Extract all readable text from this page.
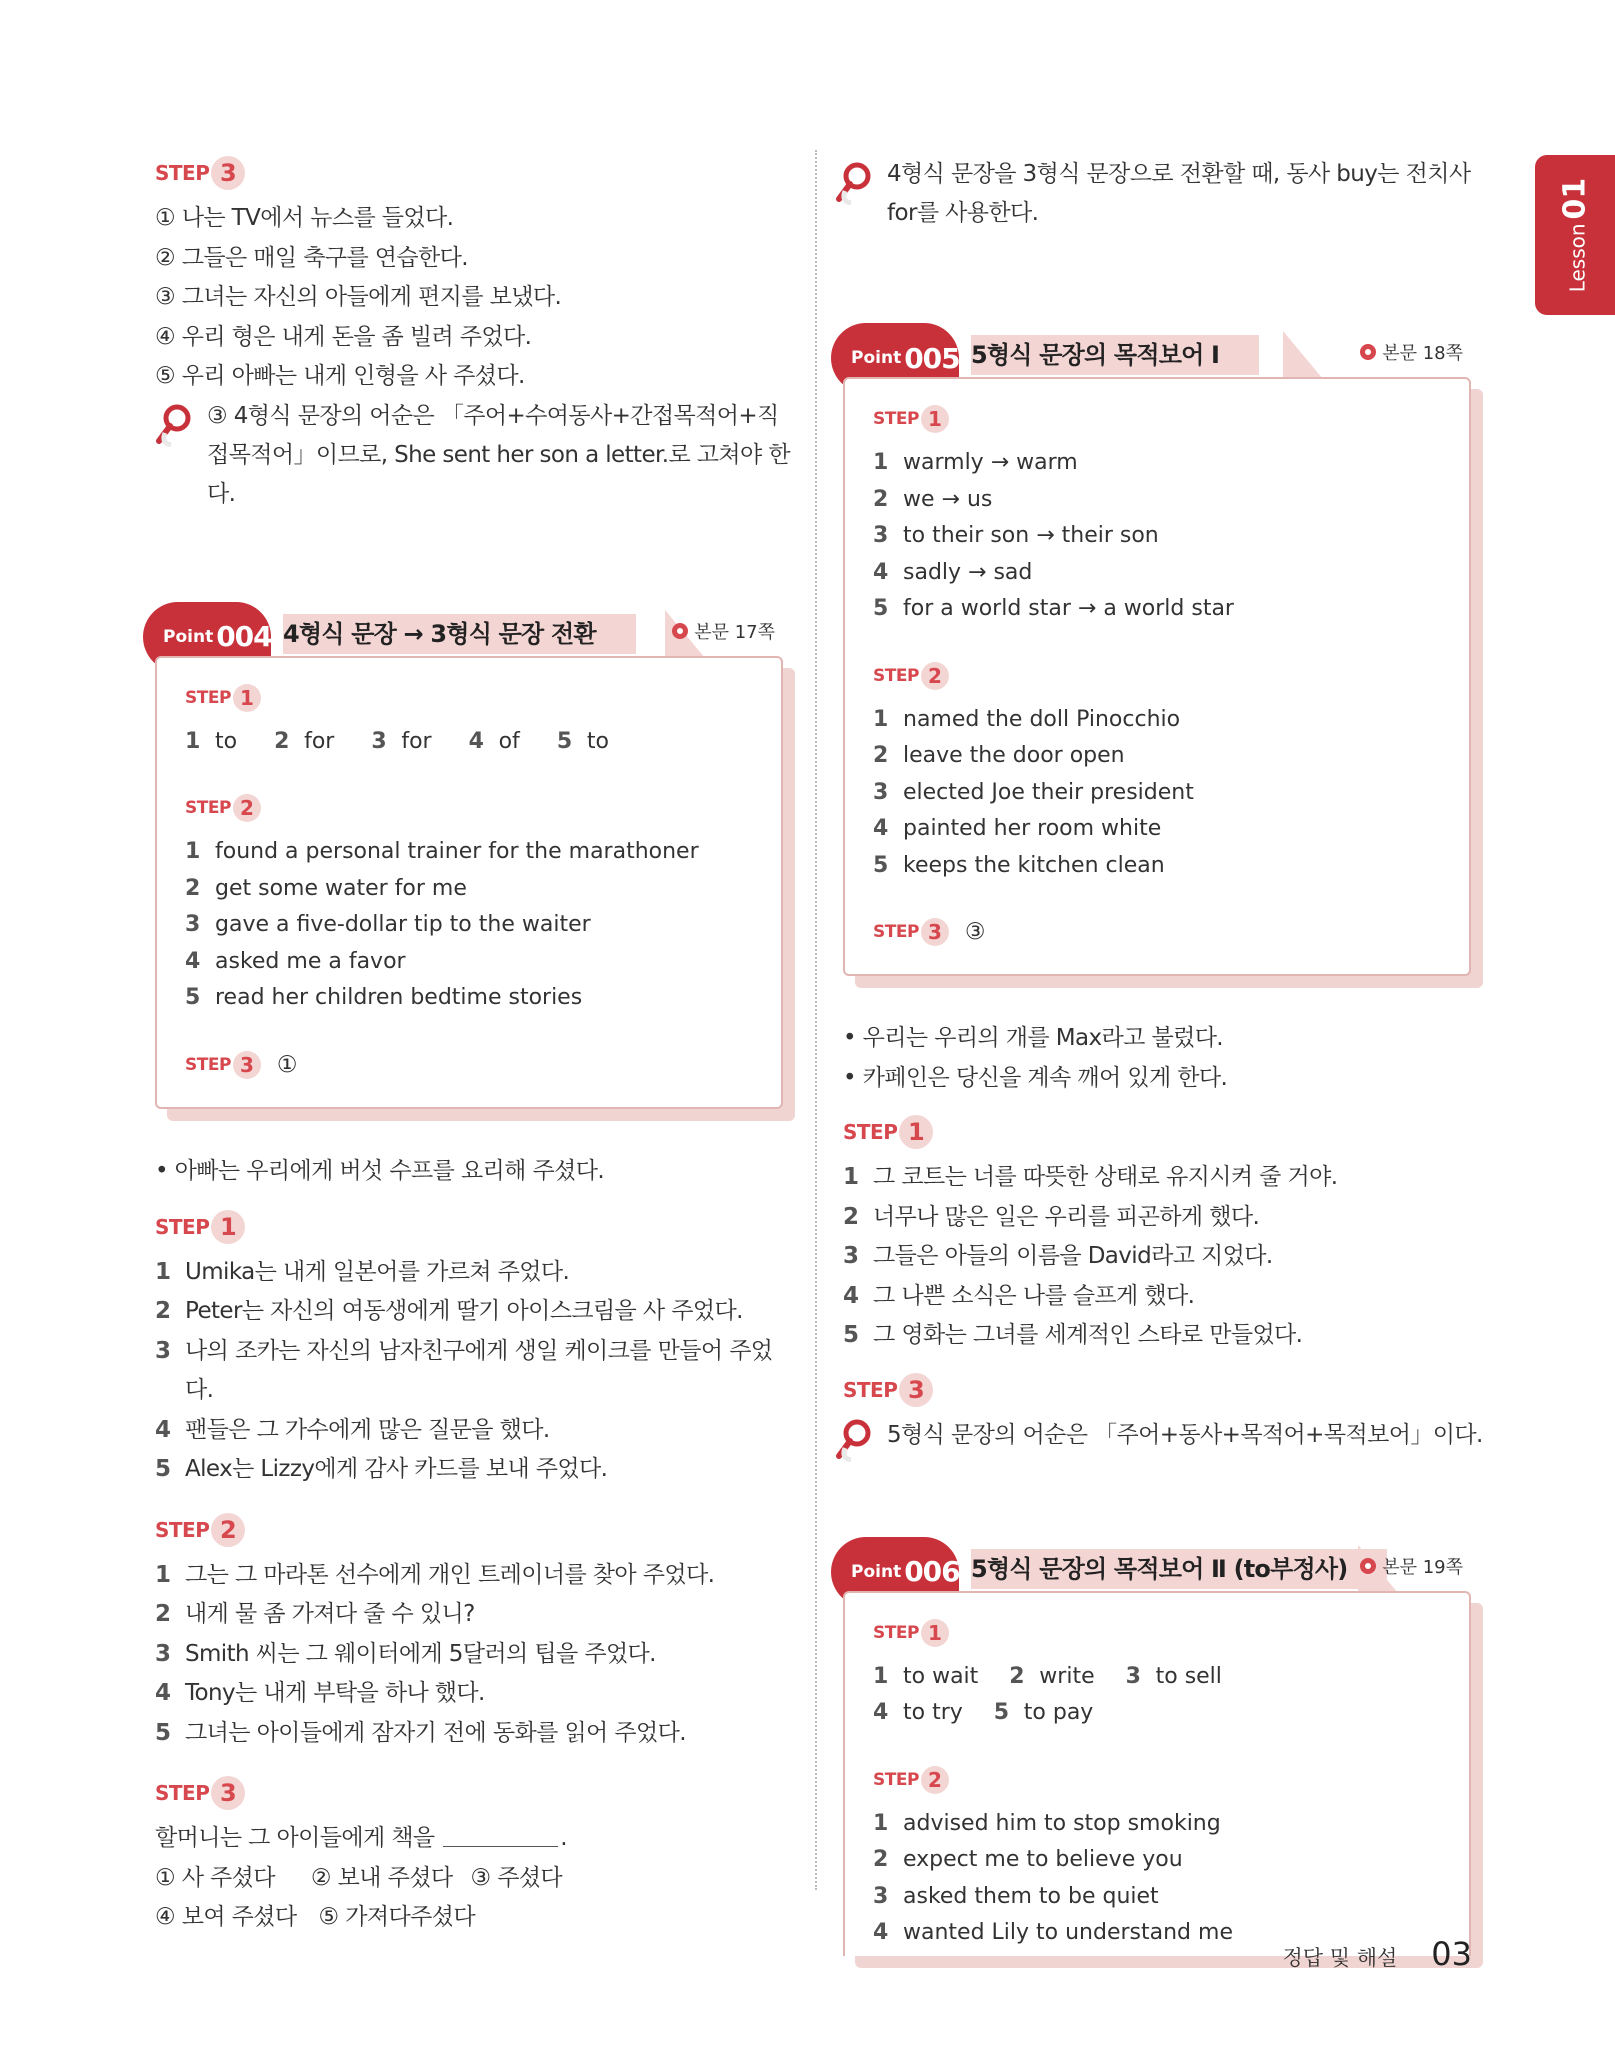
Lesson01
STEP 3
① 나는 TV에서 뉴스를 들었다.
② 그들은 매일 축구를 연습한다.
③ 그녀는 자신의 아들에게 편지를 보냈다.
④ 우리 형은 내게 돈을 좀 빌려 주었다.
⑤ 우리 아빠는 내게 인형을 사 주셨다.
③ 4형식 문장의 어순은 「주어+수여동사+간접목적어+직접목적어」이므로, She sent her son a letter.로 고쳐야 한다.
4형식 문장 → 3형식 문장 전환
Point 004	본문 17쪽
STEP 1
1 to 2 for 3 for 4 of 5 to
STEP 2
1 found a personal trainer for the marathoner
2 get some water for me
3 gave a five-dollar tip to the waiter
4 asked me a favor
5 read her children bedtime stories
STEP 3	①
• 아빠는 우리에게 버섯 수프를 요리해 주셨다.
STEP 1
1 Umika는 내게 일본어를 가르쳐 주었다.
2 Peter는 자신의 여동생에게 딸기 아이스크림을 사 주었다.
3 나의 조카는 자신의 남자친구에게 생일 케이크를 만들어 주었다.
4 팬들은 그 가수에게 많은 질문을 했다.
5 Alex는 Lizzy에게 감사 카드를 보내 주었다.
STEP 2
1 그는 그 마라톤 선수에게 개인 트레이너를 찾아 주었다.
2 내게 물 좀 가져다 줄 수 있니?
3 Smith 씨는 그 웨이터에게 5달러의 팁을 주었다.
4 Tony는 내게 부탁을 하나 했다.
5 그녀는 아이들에게 잠자기 전에 동화를 읽어 주었다.
STEP 3
할머니는 그 아이들에게 책을	.
① 사 주셨다 ② 보내 주셨다 ③ 주셨다
④ 보여 주셨다 ⑤ 가져다주셨다
4형식 문장을 3형식 문장으로 전환할 때, 동사 buy는 전치사 for를 사용한다.
5형식 문장의 목적보어 Ⅰ
Point 005	본문 18쪽
STEP 1
1 warmly → warm
2 we → us
3 to their son → their son
4 sadly → sad
5 for a world star → a world star
STEP 2
1 named the doll Pinocchio
2 leave the door open
3 elected Joe their president
4 painted her room white
5 keeps the kitchen clean
STEP 3	③
• 우리는 우리의 개를 Max라고 불렀다.
• 카페인은 당신을 계속 깨어 있게 한다.
STEP 1
1 그 코트는 너를 따뜻한 상태로 유지시켜 줄 거야.
2 너무나 많은 일은 우리를 피곤하게 했다.
3 그들은 아들의 이름을 David라고 지었다.
4 그 나쁜 소식은 나를 슬프게 했다.
5 그 영화는 그녀를 세계적인 스타로 만들었다.
STEP 3
5형식 문장의 어순은 「주어+동사+목적어+목적보어」이다.
5형식 문장의 목적보어 Ⅱ (to부정사)
Point 006	본문 19쪽
STEP 1
1 to wait 2 write 3 to sell
4 to try 5 to pay
STEP 2
1 advised him to stop smoking
2 expect me to believe you
3 asked them to be quiet
4 wanted Lily to understand me
정답 및 해설 03
